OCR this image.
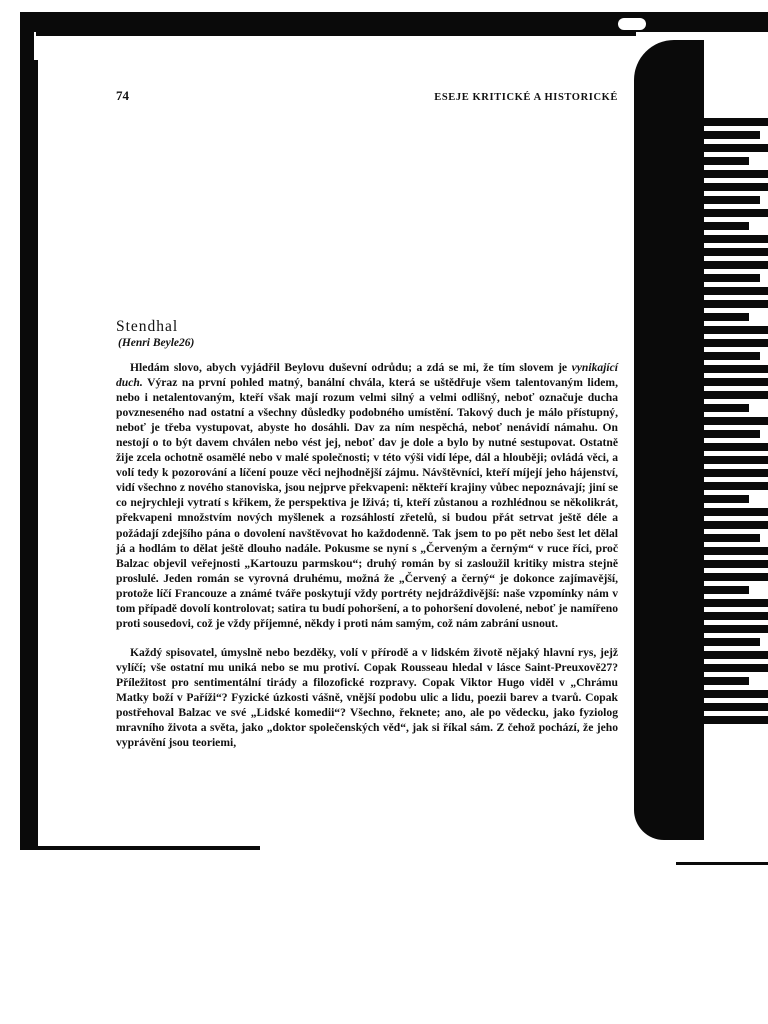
74	ESEJE KRITICKÉ A HISTORICKÉ
Stendhal
(Henri Beyle26)

Hledám slovo, abych vyjádřil Beylovu duševní odrůdu; a zdá se mi, že tím slovem je vynikající duch. Výraz na první pohled matný, banální chvála, která se uštědřuje všem talentovaným lidem, nebo i netalentovaným, kteří však mají rozum velmi silný a velmi odlišný, neboť označuje ducha povzneseného nad ostatní a všechny důsledky podobného umístění. Takový duch je málo přístupný, neboť je třeba vystupovat, abyste ho dosáhli. Dav za ním nespěchá, neboť nenávidí námahu. On nestojí o to být davem chválen nebo vést jej, neboť dav je dole a bylo by nutné sestupovat. Ostatně žije zcela ochotně osamělé nebo v malé společnosti; v této výši vidí lépe, dál a hlouběji; ovládá věci, a volí tedy k pozorování a líčení pouze věci nejhodnější zájmu. Návštěvníci, kteří míjejí jeho hájenství, vidí všechno z nového stanoviska, jsou nejprve překvapeni: někteří krajiny vůbec nepoznávají; jiní se co nejrychleji vytratí s křikem, že perspektiva je lživá; ti, kteří zůstanou a rozhlédnou se několikrát, překvapeni množstvím nových myšlenek a rozsáhlostí zřetelů, si budou přát setrvat ještě déle a požádají zdejšího pána o dovolení navštěvovat ho každodenně. Tak jsem to po pět nebo šest let dělal já a hodlám to dělat ještě dlouho nadále. Pokusme se nyní s „Červeným a černým“ v ruce říci, proč Balzac objevil veřejnosti „Kartouzu parmskou“; druhý román by si zasloužil kritiky mistra stejně proslulé. Jeden román se vyrovná druhému, možná že „Červený a černý“ je dokonce zajímavější, protože líčí Francouze a známé tváře poskytují vždy portréty nejdráždivější: naše vzpomínky nám v tom případě dovolí kontrolovat; satira tu budí pohoršení, a to pohoršení dovolené, neboť je namířeno proti sousedovi, což je vždy příjemné, někdy i proti nám samým, což nám zabrání usnout.

Každý spisovatel, úmyslně nebo bezděky, volí v přírodě a v lidském životě nějaký hlavní rys, jejž vylíčí; vše ostatní mu uniká nebo se mu protiví. Copak Rousseau hledal v lásce Saint-Preuxově27? Příležitost pro sentimentální tirády a filozofické rozpravy. Copak Viktor Hugo viděl v „Chrámu Matky boží v Paříži“? Fyzické úzkosti vášně, vnější podobu ulic a lidu, poezii barev a tvarů. Copak postřehoval Balzac ve své „Lidské komedii“? Všechno, řeknete; ano, ale po vědecku, jako fyziolog mravního života a světa, jako „doktor společenských věd“, jak si říkal sám. Z čehož pochází, že jeho vyprávění jsou teoriemi,
